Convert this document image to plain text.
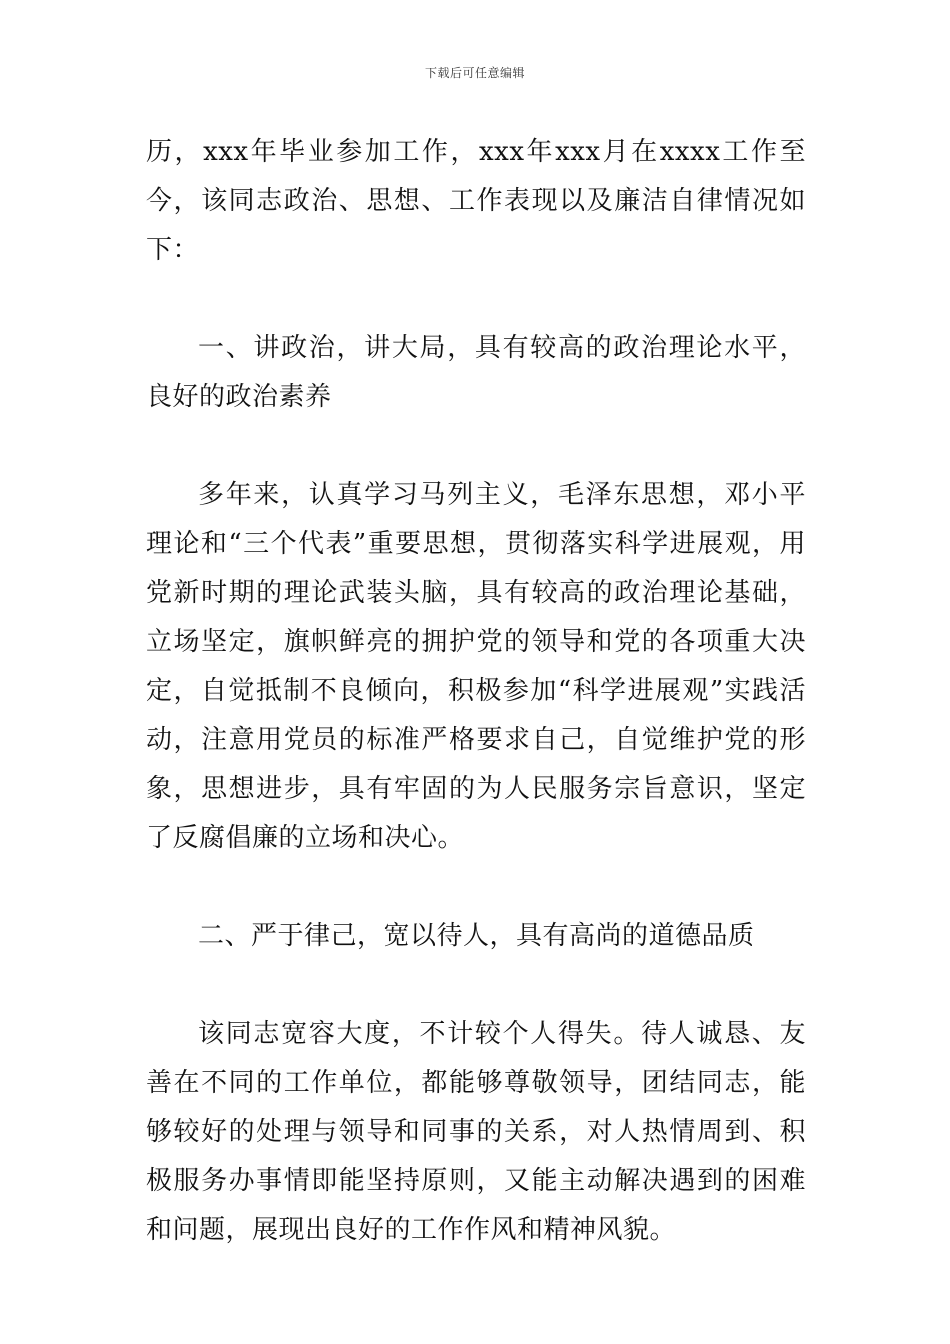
下载后可任意编辑

历，xxx年毕业参加工作，xxx年xxx月在xxxx工作至今，该同志政治、思想、工作表现以及廉洁自律情况如下：

一、讲政治，讲大局，具有较高的政治理论水平，良好的政治素养

多年来，认真学习马列主义，毛泽东思想，邓小平理论和“三个代表”重要思想，贯彻落实科学进展观，用党新时期的理论武装头脑，具有较高的政治理论基础，立场坚定，旗帜鲜亮的拥护党的领导和党的各项重大决定，自觉抵制不良倾向，积极参加“科学进展观”实践活动，注意用党员的标准严格要求自己，自觉维护党的形象，思想进步，具有牢固的为人民服务宗旨意识，坚定了反腐倡廉的立场和决心。

二、严于律己，宽以待人，具有高尚的道德品质

该同志宽容大度，不计较个人得失。待人诚恳、友善在不同的工作单位，都能够尊敬领导，团结同志，能够较好的处理与领导和同事的关系，对人热情周到、积极服务办事情即能坚持原则，又能主动解决遇到的困难和问题，展现出良好的工作作风和精神风貌。
